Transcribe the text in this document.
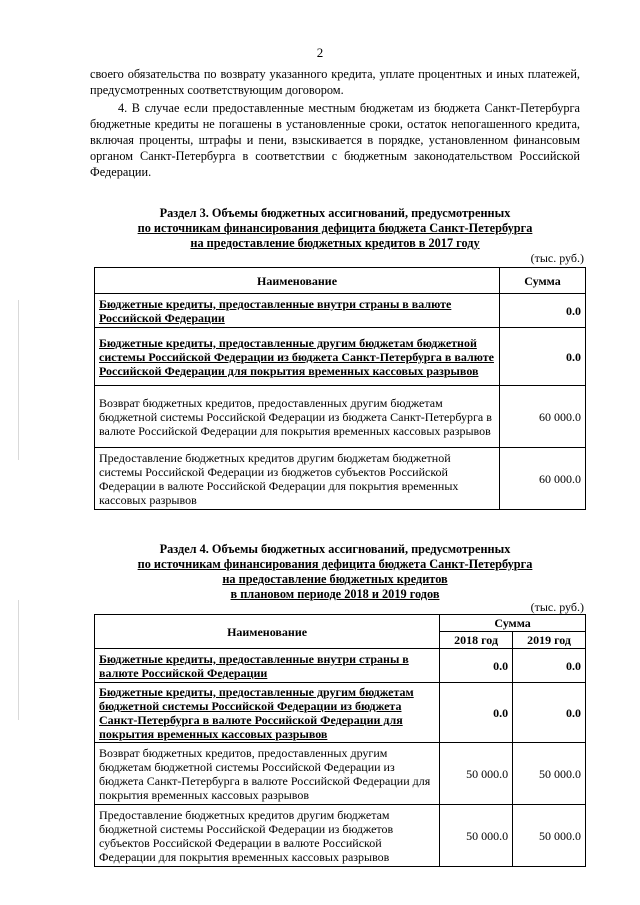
2
своего обязательства по возврату указанного кредита, уплате процентных и иных платежей, предусмотренных соответствующим договором.
4. В случае если предоставленные местным бюджетам из бюджета Санкт-Петербурга бюджетные кредиты не погашены в установленные сроки, остаток непогашенного кредита, включая проценты, штрафы и пени, взыскивается в порядке, установленном финансовым органом Санкт-Петербурга в соответствии с бюджетным законодательством Российской Федерации.
Раздел 3. Объемы бюджетных ассигнований, предусмотренных
по источникам финансирования дефицита бюджета Санкт-Петербурга
на предоставление бюджетных кредитов в 2017 году
(тыс. руб.)
Наименование	Сумма
Бюджетные кредиты, предоставленные внутри страны в валюте Российской Федерации	0.0
Бюджетные кредиты, предоставленные другим бюджетам бюджетной системы Российской Федерации из бюджета Санкт-Петербурга в валюте Российской Федерации для покрытия временных кассовых разрывов	0.0
Возврат бюджетных кредитов, предоставленных другим бюджетам бюджетной системы Российской Федерации из бюджета Санкт-Петербурга в валюте Российской Федерации для покрытия временных кассовых разрывов	60 000.0
Предоставление бюджетных кредитов другим бюджетам бюджетной системы Российской Федерации из бюджетов субъектов Российской Федерации в валюте Российской Федерации для покрытия временных кассовых разрывов	60 000.0
Раздел 4. Объемы бюджетных ассигнований, предусмотренных
по источникам финансирования дефицита бюджета Санкт-Петербурга
на предоставление бюджетных кредитов
в плановом периоде 2018 и 2019 годов
(тыс. руб.)
Наименование	Сумма	
	2018 год	2019 год
Бюджетные кредиты, предоставленные внутри страны в валюте Российской Федерации	0.0	0.0
Бюджетные кредиты, предоставленные другим бюджетам бюджетной системы Российской Федерации из бюджета Санкт-Петербурга в валюте Российской Федерации для покрытия временных кассовых разрывов	0.0	0.0
Возврат бюджетных кредитов, предоставленных другим бюджетам бюджетной системы Российской Федерации из бюджета Санкт-Петербурга в валюте Российской Федерации для покрытия временных кассовых разрывов	50 000.0	50 000.0
Предоставление бюджетных кредитов другим бюджетам бюджетной системы Российской Федерации из бюджетов субъектов Российской Федерации в валюте Российской Федерации для покрытия временных кассовых разрывов	50 000.0	50 000.0
